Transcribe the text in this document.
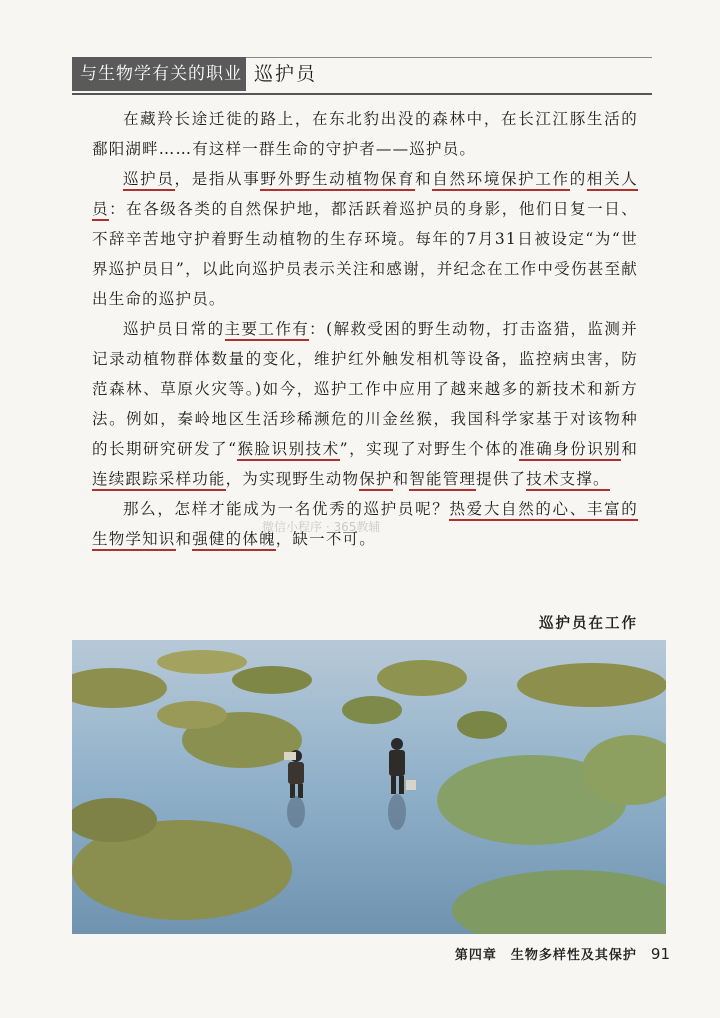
与生物学有关的职业 巡护员

在藏羚长途迁徙的路上，在东北豹出没的森林中，在长江江豚生活的鄱阳湖畔……有这样一群生命的守护者——巡护员。

巡护员，是指从事野外野生动植物保育和自然环境保护工作的相关人员：在各级各类的自然保护地，都活跃着巡护员的身影，他们日复一日、不辞辛苦地守护着野生动植物的生存环境。每年的7月31日被设定“为“世界巡护员日”，以此向巡护员表示关注和感谢，并纪念在工作中受伤甚至献出生命的巡护员。

巡护员日常的主要工作有：(解救受困的野生动物，打击盗猎，监测并记录动植物群体数量的变化，维护红外触发相机等设备，监控病虫害，防范森林、草原火灾等。)如今，巡护工作中应用了越来越多的新技术和新方法。例如，秦岭地区生活珍稀濒危的川金丝猴，我国科学家基于对该物种的长期研究研发了“猴脸识别技术”，实现了对野生个体的准确身份识别和连续跟踪采样功能，为实现野生动物保护和智能管理提供了技术支撑。

那么，怎样才能成为一名优秀的巡护员呢？热爱大自然的心、丰富的生物学知识和强健的体魄，缺一不可。

微信小程序 · 365教辅
巡护员在工作
第四章　生物多样性及其保护 91
